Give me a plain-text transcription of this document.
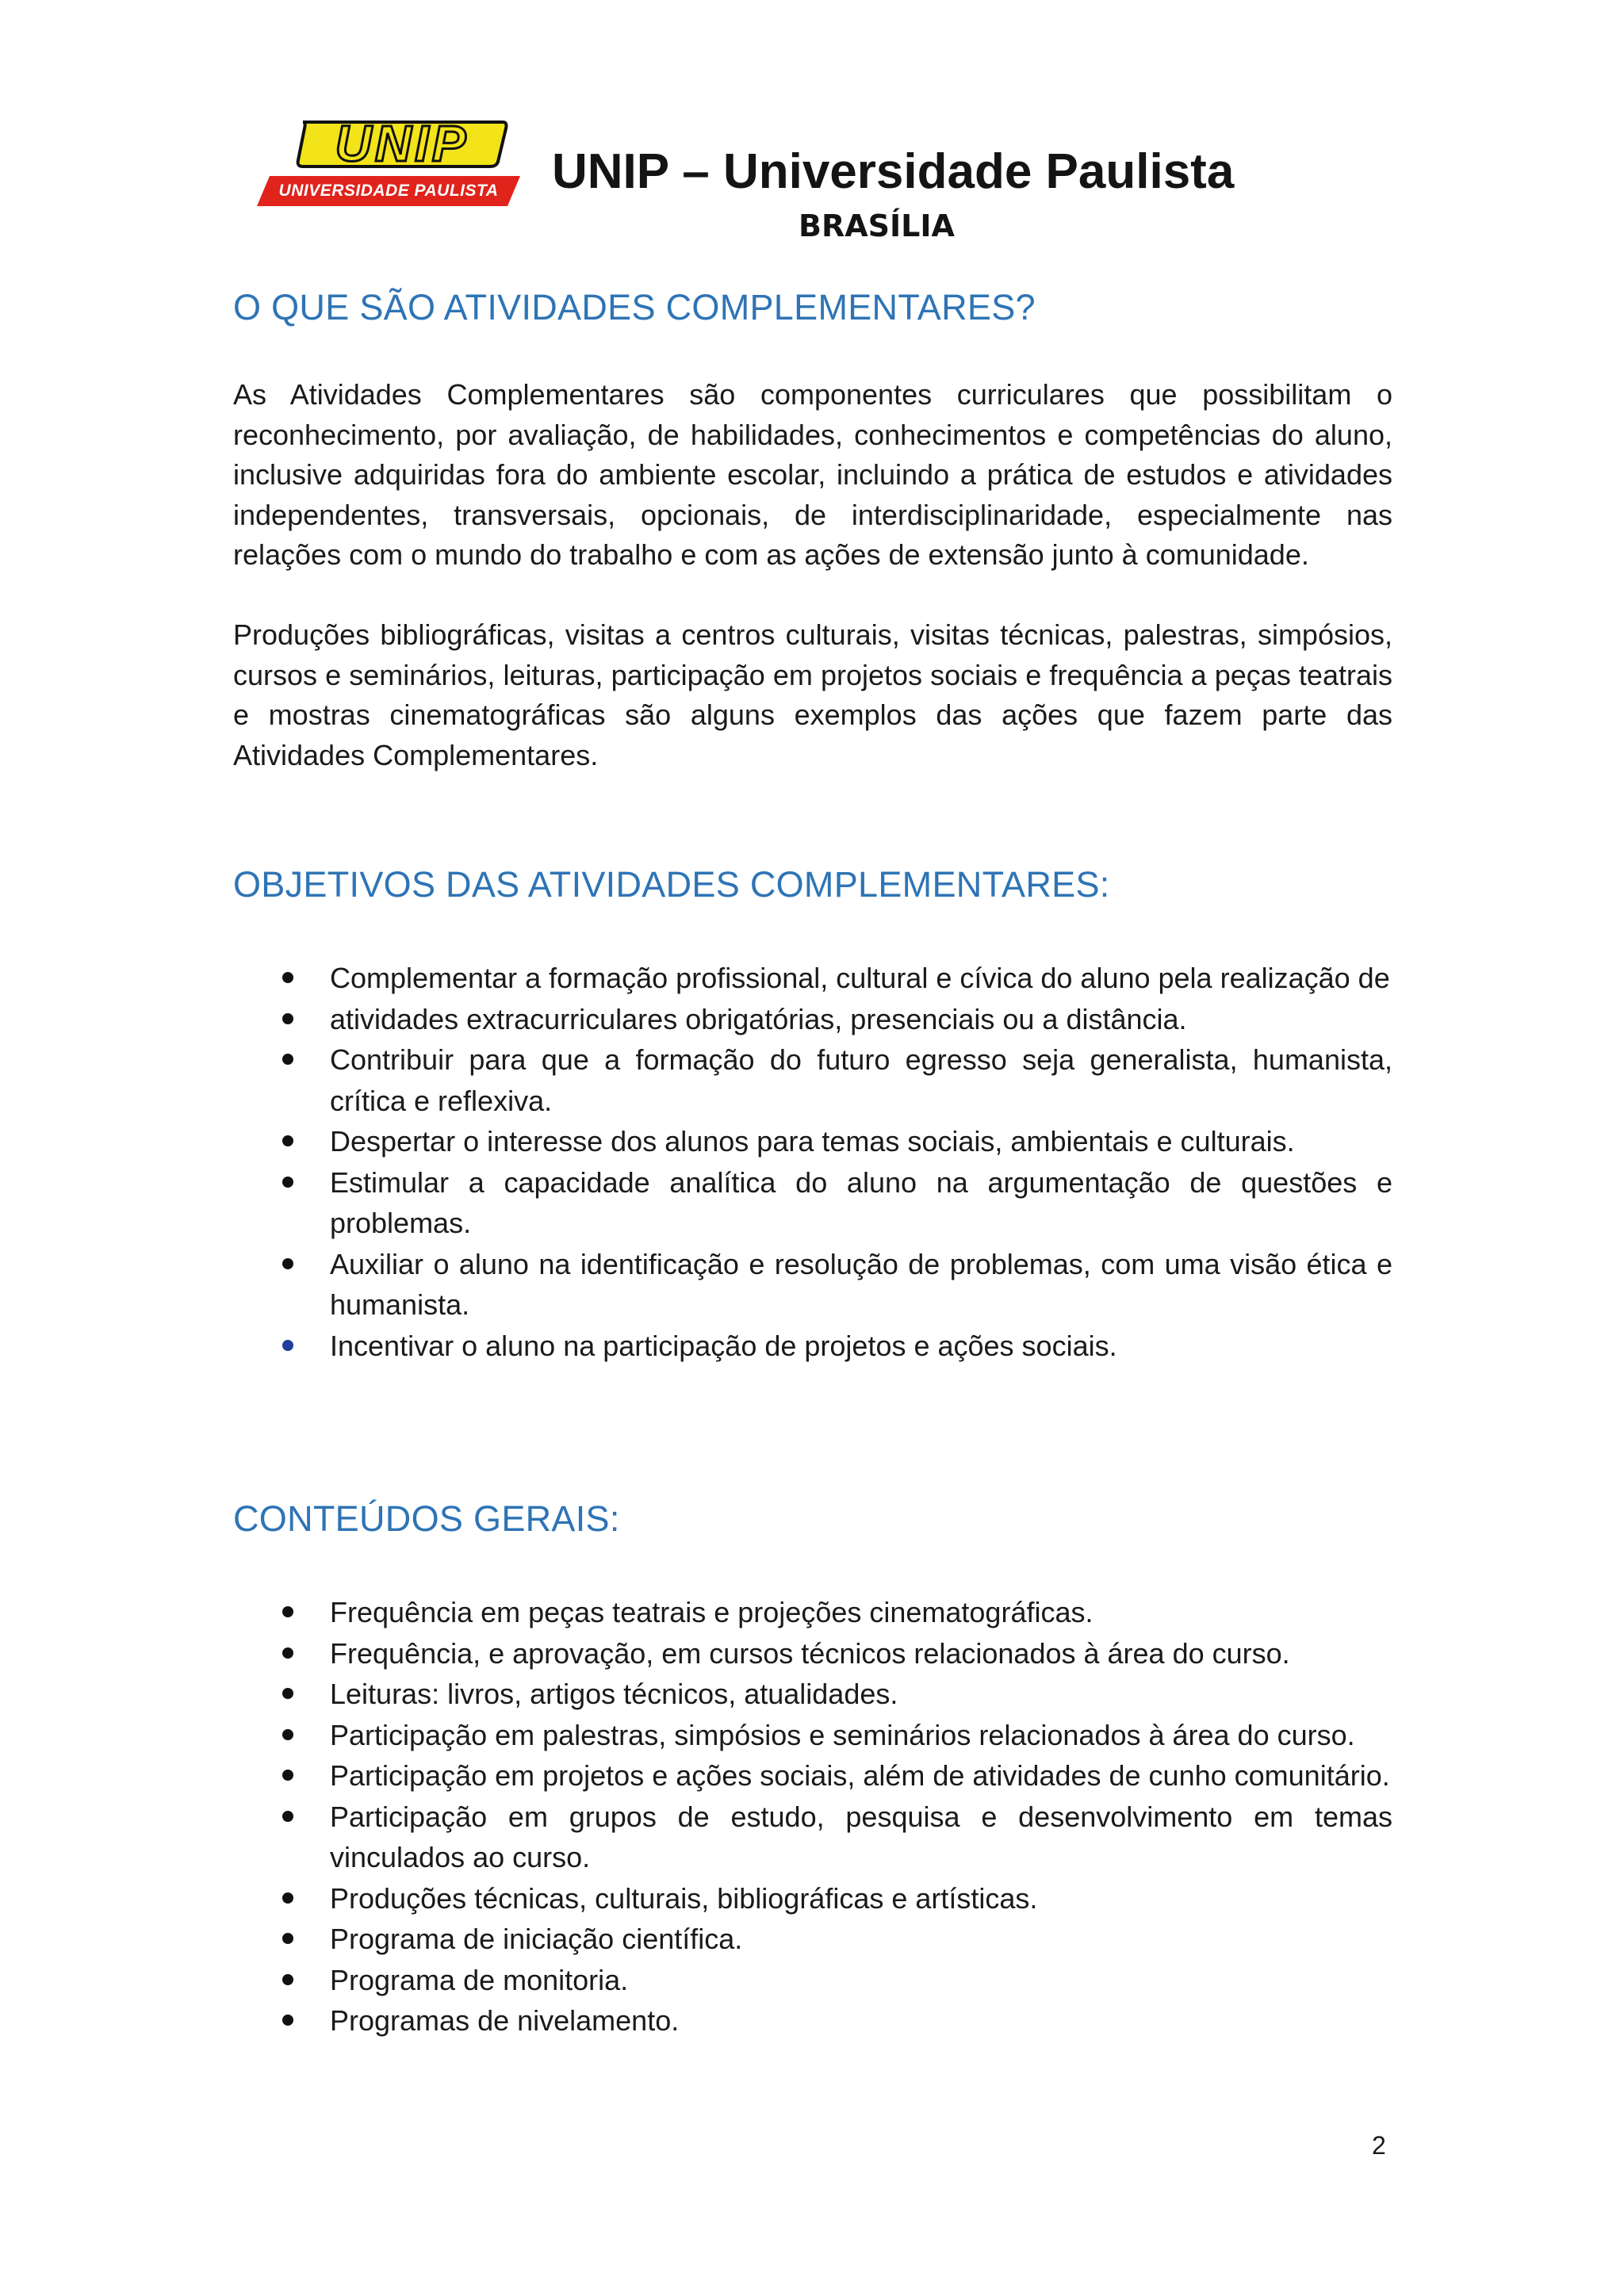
UNIP
UNIVERSIDADE PAULISTA	UNIP – Universidade Paulista
BRASÍLIA
O QUE SÃO ATIVIDADES COMPLEMENTARES?

As Atividades Complementares são componentes curriculares que possibilitam o reconhecimento, por avaliação, de habilidades, conhecimentos e competências do aluno, inclusive adquiridas fora do ambiente escolar, incluindo a prática de estudos e atividades independentes, transversais, opcionais, de interdisciplinaridade, especialmente nas relações com o mundo do trabalho e com as ações de extensão junto à comunidade.

Produções bibliográficas, visitas a centros culturais, visitas técnicas, palestras, simpósios, cursos e seminários, leituras, participação em projetos sociais e frequência a peças teatrais e mostras cinematográficas são alguns exemplos das ações que fazem parte das Atividades Complementares.

OBJETIVOS DAS ATIVIDADES COMPLEMENTARES:
Complementar a formação profissional, cultural e cívica do aluno pela realização de
atividades extracurriculares obrigatórias, presenciais ou a distância.
Contribuir para que a formação do futuro egresso seja generalista, humanista, crítica e reflexiva.
Despertar o interesse dos alunos para temas sociais, ambientais e culturais.
Estimular a capacidade analítica do aluno na argumentação de questões e problemas.
Auxiliar o aluno na identificação e resolução de problemas, com uma visão ética e humanista.
Incentivar o aluno na participação de projetos e ações sociais.
CONTEÚDOS GERAIS:
Frequência em peças teatrais e projeções cinematográficas.
Frequência, e aprovação, em cursos técnicos relacionados à área do curso.
Leituras: livros, artigos técnicos, atualidades.
Participação em palestras, simpósios e seminários relacionados à área do curso.
Participação em projetos e ações sociais, além de atividades de cunho comunitário.
Participação em grupos de estudo, pesquisa e desenvolvimento em temas vinculados ao curso.
Produções técnicas, culturais, bibliográficas e artísticas.
Programa de iniciação científica.
Programa de monitoria.
Programas de nivelamento.
2
